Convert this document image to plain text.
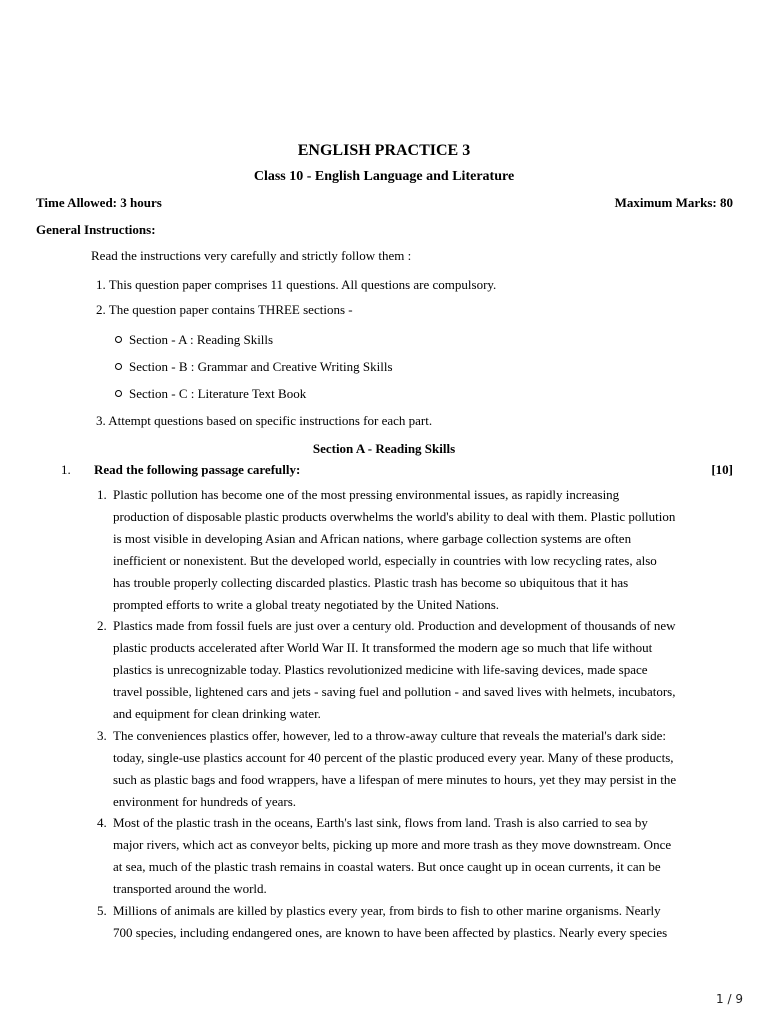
ENGLISH PRACTICE 3
Class 10 - English Language and Literature
Time Allowed: 3 hours	Maximum Marks: 80
General Instructions:
Read the instructions very carefully and strictly follow them :
1. This question paper comprises 11 questions. All questions are compulsory.
2. The question paper contains THREE sections -
Section - A : Reading Skills
Section - B : Grammar and Creative Writing Skills
Section - C : Literature Text Book
3. Attempt questions based on specific instructions for each part.
Section A - Reading Skills
1. Read the following passage carefully:	[10]
1. Plastic pollution has become one of the most pressing environmental issues, as rapidly increasing
production of disposable plastic products overwhelms the world's ability to deal with them. Plastic pollution
is most visible in developing Asian and African nations, where garbage collection systems are often
inefficient or nonexistent. But the developed world, especially in countries with low recycling rates, also
has trouble properly collecting discarded plastics. Plastic trash has become so ubiquitous that it has
prompted efforts to write a global treaty negotiated by the United Nations.
2. Plastics made from fossil fuels are just over a century old. Production and development of thousands of new
plastic products accelerated after World War II. It transformed the modern age so much that life without
plastics is unrecognizable today. Plastics revolutionized medicine with life-saving devices, made space
travel possible, lightened cars and jets - saving fuel and pollution - and saved lives with helmets, incubators,
and equipment for clean drinking water.
3. The conveniences plastics offer, however, led to a throw-away culture that reveals the material's dark side:
today, single-use plastics account for 40 percent of the plastic produced every year. Many of these products,
such as plastic bags and food wrappers, have a lifespan of mere minutes to hours, yet they may persist in the
environment for hundreds of years.
4. Most of the plastic trash in the oceans, Earth's last sink, flows from land. Trash is also carried to sea by
major rivers, which act as conveyor belts, picking up more and more trash as they move downstream. Once
at sea, much of the plastic trash remains in coastal waters. But once caught up in ocean currents, it can be
transported around the world.
5. Millions of animals are killed by plastics every year, from birds to fish to other marine organisms. Nearly
700 species, including endangered ones, are known to have been affected by plastics. Nearly every species
1 / 9
